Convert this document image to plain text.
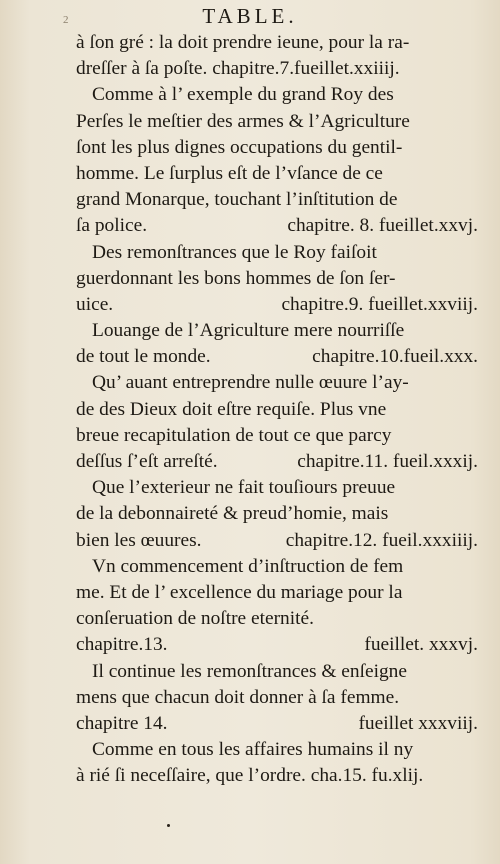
2	TABLE.
à ſon gré : la doit prendre ieune, pour la ra-
dreſſer à ſa poſte. chapitre.7.fueillet.xxiiij.
Comme à l’ exemple du grand Roy des
Perſes le meſtier des armes & l’Agriculture
ſont les plus dignes occupations du gentil-
homme. Le ſurplus eſt de l’vſance de ce
grand Monarque, touchant l’inſtitution de
ſa police.	chapitre. 8. fueillet.xxvj.
Des remonſtrances que le Roy faiſoit
guerdonnant les bons hommes de ſon ſer-
uice.	chapitre.9. fueillet.xxviij.
Louange de l’Agriculture mere nourriſſe
de tout le monde.	chapitre.10.fueil.xxx.
Qu’ auant entreprendre nulle œuure l’ay-
de des Dieux doit eſtre requiſe. Plus vne
breue recapitulation de tout ce que parcy
deſſus ſ’eſt arreſté.	chapitre.11. fueil.xxxij.
Que l’exterieur ne fait touſiours preuue
de la debonnaireté & preud’homie, mais
bien les œuures.	chapitre.12. fueil.xxxiiij.
Vn commencement d’inſtruction de fem
me. Et de l’ excellence du mariage pour la
conſeruation de noſtre eternité.
chapitre.13.	fueillet. xxxvj.
Il continue les remonſtrances & enſeigne
mens que chacun doit donner à ſa femme.
chapitre 14.	fueillet xxxviij.
Comme en tous les affaires humains il ny
à rié ſi neceſſaire, que l’ordre. cha.15. fu.xlij.
